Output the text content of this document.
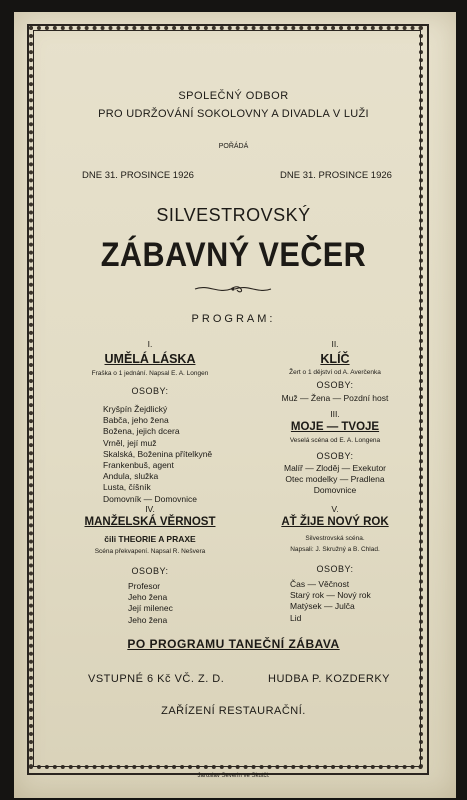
SPOLEČNÝ ODBOR
PRO UDRŽOVÁNÍ SOKOLOVNY A DIVADLA V LUŽI
POŘÁDÁ
DNE 31. PROSINCE 1926	DNE 31. PROSINCE 1926
SILVESTROVSKÝ
ZÁBAVNÝ VEČER
PROGRAM:
I.
UMĚLÁ LÁSKA
Fraška o 1 jednání. Napsal E. A. Longen
OSOBY:
Kryšpín Žejdlický
Babča, jeho žena
Božena, jejich dcera
Vrněl, její muž
Skalská, Boženina přítelkyně
Frankenbuš, agent
Andula, služka
Lusta, číšník
Domovník — Domovnice
IV.
MANŽELSKÁ VĚRNOST
čili THEORIE A PRAXE
Scéna překvapení. Napsal R. Nešvera
OSOBY:
Profesor
Jeho žena
Její milenec
Jeho žena
II.
KLÍČ
Žert o 1 dějství od A. Averčenka
OSOBY:
Muž — Žena — Pozdní host
III.
MOJE — TVOJE
Veselá scéna od E. A. Longena
OSOBY:
Malíř — Zloděj — Exekutor
Otec modelky — Pradlena
Domovnice
V.
AŤ ŽIJE NOVÝ ROK
Silvestrovská scéna.
Napsali: J. Skružný a B. Chlad.
OSOBY:
Čas — Věčnost
Starý rok — Nový rok
Matýsek — Julča
Lid
PO PROGRAMU TANEČNÍ ZÁBAVA
VSTUPNÉ 6 Kč VČ. Z. D.	HUDBA P. KOZDERKY
ZAŘÍZENÍ RESTAURAČNÍ.
Jaroslav Severin ve Skutči.
